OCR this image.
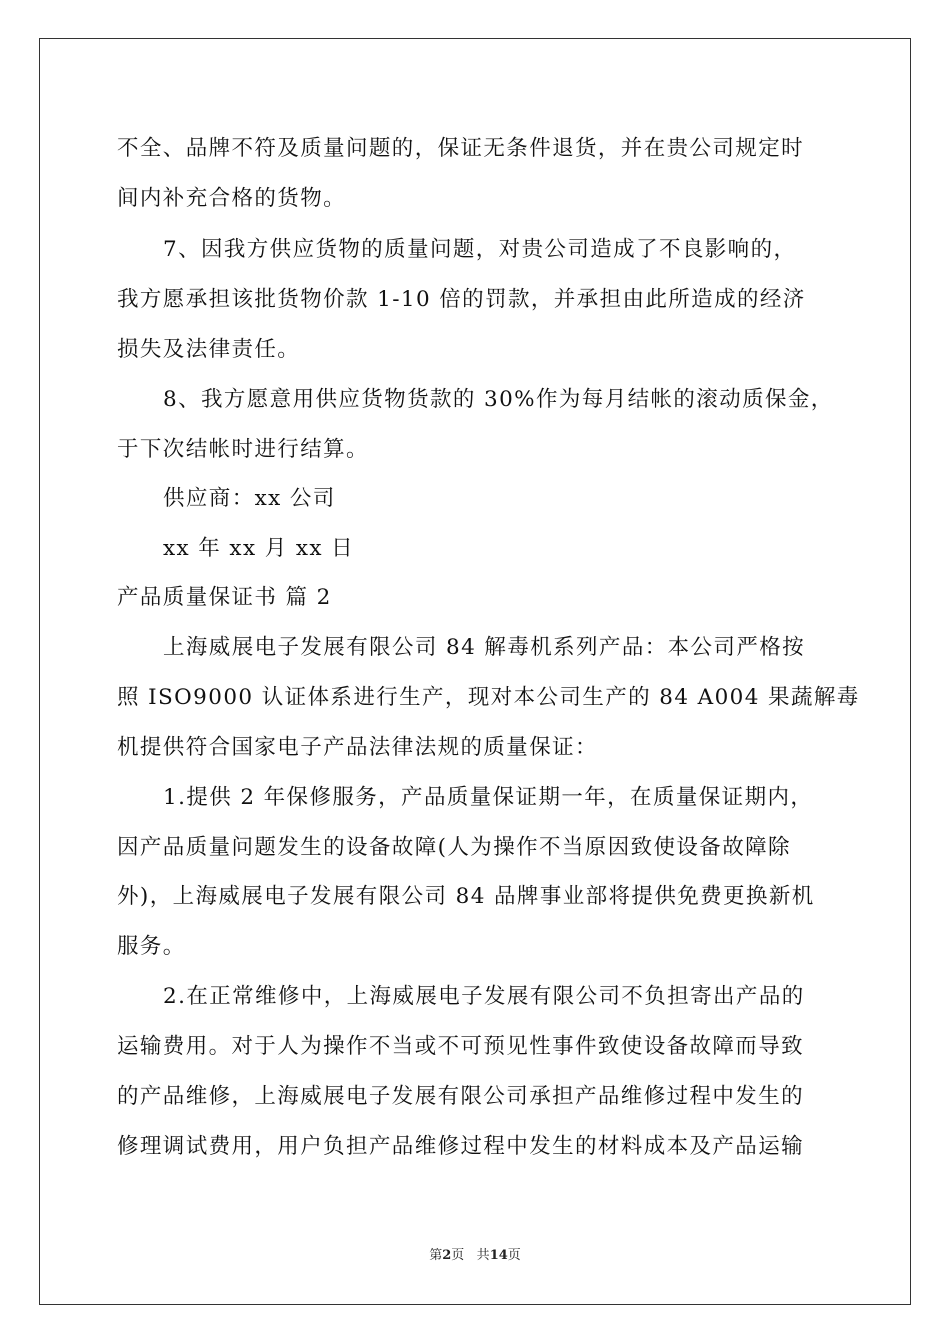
不全、品牌不符及质量问题的，保证无条件退货，并在贵公司规定时
间内补充合格的货物。
7、因我方供应货物的质量问题，对贵公司造成了不良影响的，
我方愿承担该批货物价款 1-10 倍的罚款，并承担由此所造成的经济
损失及法律责任。
8、我方愿意用供应货物货款的 30%作为每月结帐的滚动质保金，
于下次结帐时进行结算。
供应商：xx 公司
xx 年 xx 月 xx 日
产品质量保证书 篇 2
上海威展电子发展有限公司 84 解毒机系列产品：本公司严格按
照 ISO9000 认证体系进行生产，现对本公司生产的 84 A004 果蔬解毒
机提供符合国家电子产品法律法规的质量保证：
1.提供 2 年保修服务，产品质量保证期一年，在质量保证期内，
因产品质量问题发生的设备故障(人为操作不当原因致使设备故障除
外)，上海威展电子发展有限公司 84 品牌事业部将提供免费更换新机
服务。
2.在正常维修中，上海威展电子发展有限公司不负担寄出产品的
运输费用。对于人为操作不当或不可预见性事件致使设备故障而导致
的产品维修，上海威展电子发展有限公司承担产品维修过程中发生的
修理调试费用，用户负担产品维修过程中发生的材料成本及产品运输
第2页 共14页
